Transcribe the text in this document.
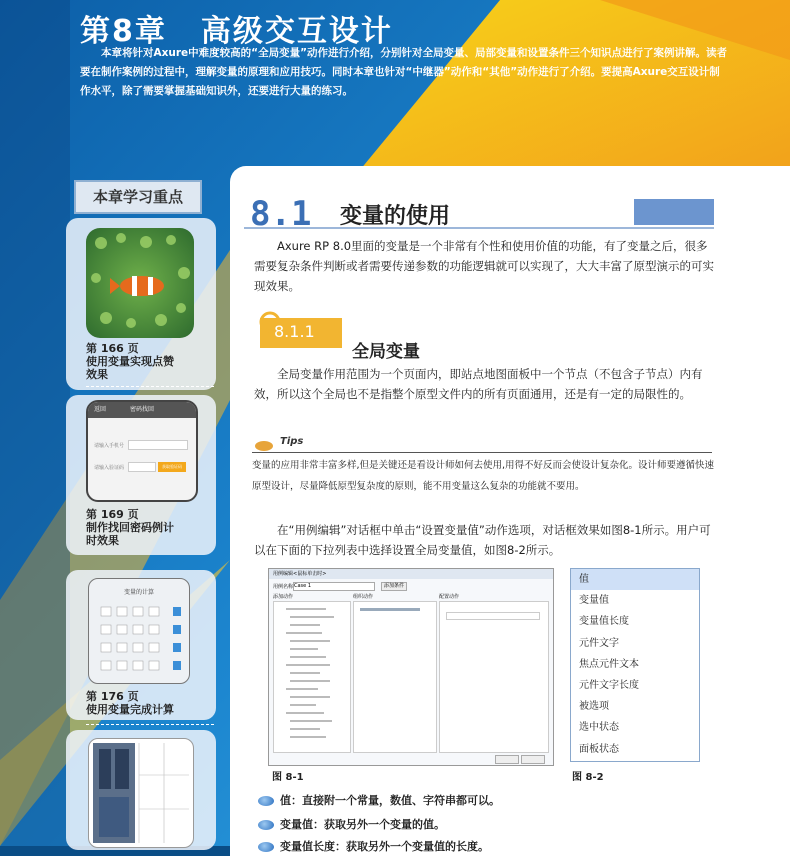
第8章 高级交互设计
本章将针对Axure中难度较高的“全局变量”动作进行介绍，分别针对全局变量、局部变量和设置条件三个知识点进行了案例讲解。读者要在制作案例的过程中，理解变量的原理和应用技巧。同时本章也针对“中继器”动作和“其他”动作进行了介绍。要提高Axure交互设计制作水平，除了需要掌握基础知识外，还要进行大量的练习。
本章学习重点
第 166 页
使用变量实现点赞
效果
返回	密码找回
请输入手机号
请输入验证码	获取验证码
第 169 页
制作找回密码例计
时效果
变量的计算
第 176 页
使用变量完成计算
8.1 变量的使用
Axure RP 8.0里面的变量是一个非常有个性和使用价值的功能，有了变量之后，很多需要复杂条件判断或者需要传递参数的功能逻辑就可以实现了，大大丰富了原型演示的可实现效果。
8.1.1
全局变量
全局变量作用范围为一个页面内，即站点地图面板中一个节点（不包含子节点）内有效，所以这个全局也不是指整个原型文件内的所有页面通用，还是有一定的局限性的。
Tips
变量的应用非常丰富多样,但是关键还是看设计师如何去使用,用得不好反而会使设计复杂化。设计师要遵循快速原型设计，尽量降低原型复杂度的原则，能不用变量这么复杂的功能就不要用。
在“用例编辑”对话框中单击“设置变量值”动作选项，对话框效果如图8-1所示。用户可以在下面的下拉列表中选择设置全局变量值，如图8-2所示。
用例编辑<鼠标单击时>
用例名称 Case 1	添加条件
添加动作	组织动作	配置动作
图 8-1
值
变量值
变量值长度
元件文字
焦点元件文本
元件文字长度
被选项
选中状态
面板状态
图 8-2
值：直接附一个常量，数值、字符串都可以。
变量值：获取另外一个变量的值。
变量值长度：获取另外一个变量值的长度。
